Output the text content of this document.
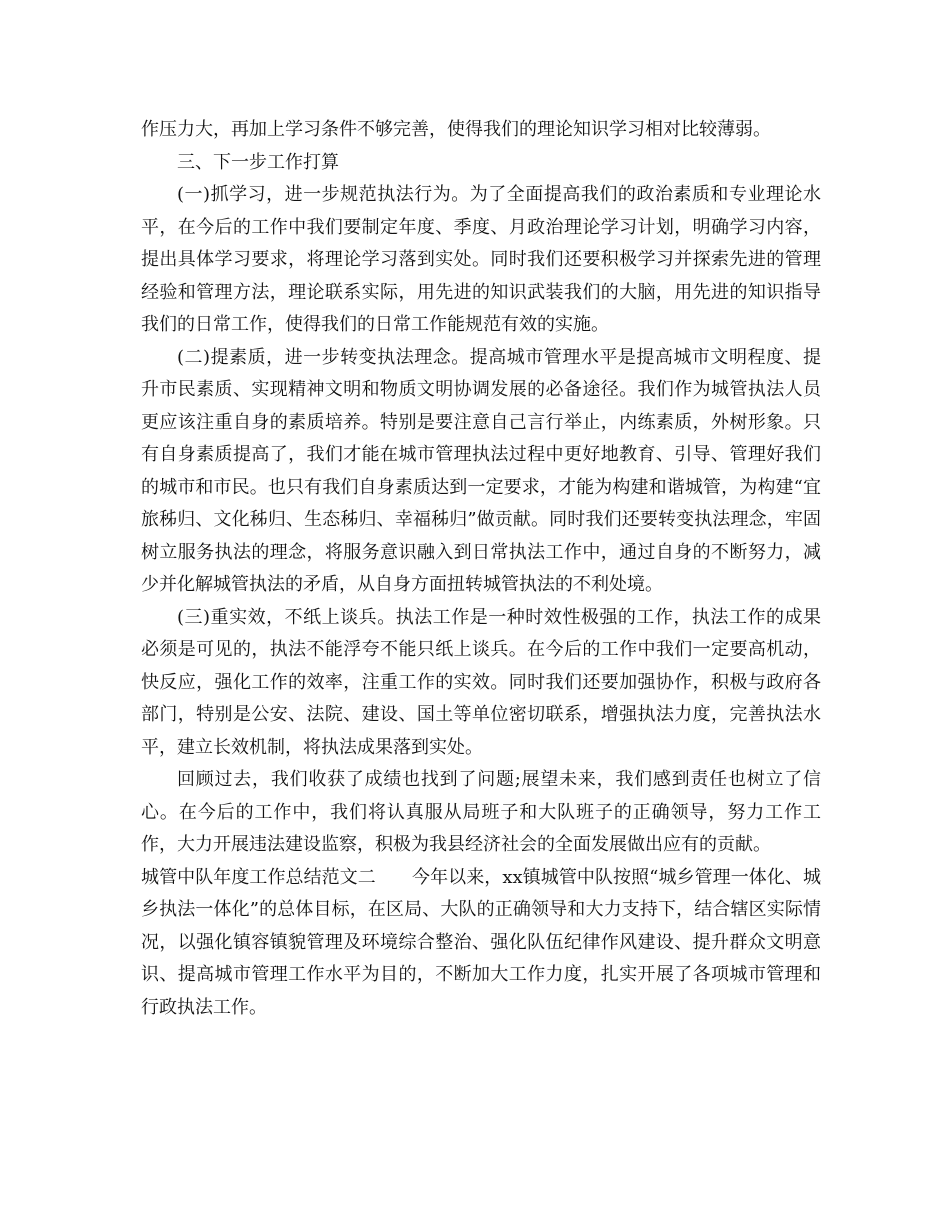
作压力大，再加上学习条件不够完善，使得我们的理论知识学习相对比较薄弱。

三、下一步工作打算

(一)抓学习，进一步规范执法行为。为了全面提高我们的政治素质和专业理论水平，在今后的工作中我们要制定年度、季度、月政治理论学习计划，明确学习内容，提出具体学习要求，将理论学习落到实处。同时我们还要积极学习并探索先进的管理经验和管理方法，理论联系实际，用先进的知识武装我们的大脑，用先进的知识指导我们的日常工作，使得我们的日常工作能规范有效的实施。

(二)提素质，进一步转变执法理念。提高城市管理水平是提高城市文明程度、提升市民素质、实现精神文明和物质文明协调发展的必备途径。我们作为城管执法人员更应该注重自身的素质培养。特别是要注意自己言行举止，内练素质，外树形象。只有自身素质提高了，我们才能在城市管理执法过程中更好地教育、引导、管理好我们的城市和市民。也只有我们自身素质达到一定要求，才能为构建和谐城管，为构建“宜旅秭归、文化秭归、生态秭归、幸福秭归”做贡献。同时我们还要转变执法理念，牢固树立服务执法的理念，将服务意识融入到日常执法工作中，通过自身的不断努力，减少并化解城管执法的矛盾，从自身方面扭转城管执法的不利处境。

(三)重实效，不纸上谈兵。执法工作是一种时效性极强的工作，执法工作的成果必须是可见的，执法不能浮夸不能只纸上谈兵。在今后的工作中我们一定要高机动，快反应，强化工作的效率，注重工作的实效。同时我们还要加强协作，积极与政府各部门，特别是公安、法院、建设、国土等单位密切联系，增强执法力度，完善执法水平，建立长效机制，将执法成果落到实处。

回顾过去，我们收获了成绩也找到了问题;展望未来，我们感到责任也树立了信心。在今后的工作中，我们将认真服从局班子和大队班子的正确领导，努力工作工作，大力开展违法建设监察，积极为我县经济社会的全面发展做出应有的贡献。

城管中队年度工作总结范文二　　今年以来，xx镇城管中队按照“城乡管理一体化、城乡执法一体化”的总体目标，在区局、大队的正确领导和大力支持下，结合辖区实际情况，以强化镇容镇貌管理及环境综合整治、强化队伍纪律作风建设、提升群众文明意识、提高城市管理工作水平为目的，不断加大工作力度，扎实开展了各项城市管理和行政执法工作。
